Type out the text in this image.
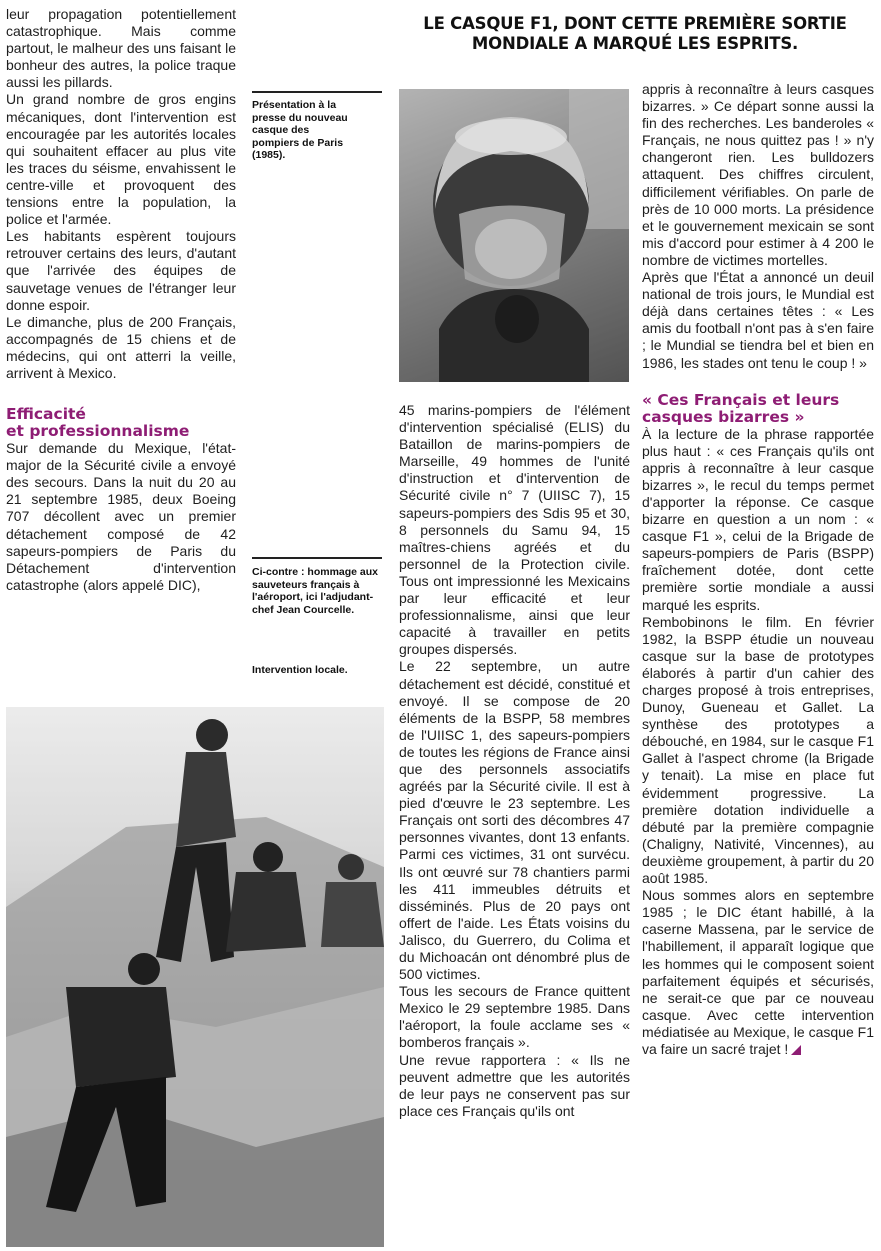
leur propagation potentiellement catastrophique. Mais comme partout, le malheur des uns faisant le bonheur des autres, la police traque aussi les pillards.

Un grand nombre de gros engins mécaniques, dont l'intervention est encouragée par les autorités locales qui souhaitent effacer au plus vite les traces du séisme, envahissent le centre-ville et provoquent des tensions entre la population, la police et l'armée.

Les habitants espèrent toujours retrouver certains des leurs, d'autant que l'arrivée des équipes de sauvetage venues de l'étranger leur donne espoir.

Le dimanche, plus de 200 Français, accompagnés de 15 chiens et de médecins, qui ont atterri la veille, arrivent à Mexico.

Efficacité
et professionnalisme

Sur demande du Mexique, l'état-major de la Sécurité civile a envoyé des secours. Dans la nuit du 20 au 21 septembre 1985, deux Boeing 707 décollent avec un premier détachement composé de 42 sapeurs-pompiers de Paris du Détachement d'intervention catastrophe (alors appelé DIC),

Présentation à la presse du nouveau casque des pompiers de Paris (1985).
Ci-contre : hommage aux sauveteurs français à l'aéroport, ici l'adjudant-chef Jean Courcelle.
Intervention locale.
LE CASQUE F1, DONT CETTE PREMIÈRE SORTIE MONDIALE A MARQUÉ LES ESPRITS.

45 marins-pompiers de l'élément d'intervention spécialisé (ELIS) du Bataillon de marins-pompiers de Marseille, 49 hommes de l'unité d'instruction et d'intervention de Sécurité civile n° 7 (UIISC 7), 15 sapeurs-pompiers des Sdis 95 et 30, 8 personnels du Samu 94, 15 maîtres-chiens agréés et du personnel de la Protection civile. Tous ont impressionné les Mexicains par leur efficacité et leur professionnalisme, ainsi que leur capacité à travailler en petits groupes dispersés.

Le 22 septembre, un autre détachement est décidé, constitué et envoyé. Il se compose de 20 éléments de la BSPP, 58 membres de l'UIISC 1, des sapeurs-pompiers de toutes les régions de France ainsi que des personnels associatifs agréés par la Sécurité civile. Il est à pied d'œuvre le 23 septembre. Les Français ont sorti des décombres 47 personnes vivantes, dont 13 enfants. Parmi ces victimes, 31 ont survécu. Ils ont œuvré sur 78 chantiers parmi les 411 immeubles détruits et disséminés. Plus de 20 pays ont offert de l'aide. Les États voisins du Jalisco, du Guerrero, du Colima et du Michoacán ont dénombré plus de 500 victimes.

Tous les secours de France quittent Mexico le 29 septembre 1985. Dans l'aéroport, la foule acclame ses « bomberos français ».

Une revue rapportera : « Ils ne peuvent admettre que les autorités de leur pays ne conservent pas sur place ces Français qu'ils ont

appris à reconnaître à leurs casques bizarres. » Ce départ sonne aussi la fin des recherches. Les banderoles « Français, ne nous quittez pas ! » n'y changeront rien. Les bulldozers attaquent. Des chiffres circulent, difficilement vérifiables. On parle de près de 10 000 morts. La présidence et le gouvernement mexicain se sont mis d'accord pour estimer à 4 200 le nombre de victimes mortelles.

Après que l'État a annoncé un deuil national de trois jours, le Mundial est déjà dans certaines têtes : « Les amis du football n'ont pas à s'en faire ; le Mundial se tiendra bel et bien en 1986, les stades ont tenu le coup ! »

« Ces Français et leurs
casques bizarres »

À la lecture de la phrase rapportée plus haut : « ces Français qu'ils ont appris à reconnaître à leur casque bizarres », le recul du temps permet d'apporter la réponse. Ce casque bizarre en question a un nom : « casque F1 », celui de la Brigade de sapeurs-pompiers de Paris (BSPP) fraîchement dotée, dont cette première sortie mondiale a aussi marqué les esprits.

Rembobinons le film. En février 1982, la BSPP étudie un nouveau casque sur la base de prototypes élaborés à partir d'un cahier des charges proposé à trois entreprises, Dunoy, Gueneau et Gallet. La synthèse des prototypes a débouché, en 1984, sur le casque F1 Gallet à l'aspect chrome (la Brigade y tenait). La mise en place fut évidemment progressive. La première dotation individuelle a débuté par la première compagnie (Chaligny, Nativité, Vincennes), au deuxième groupement, à partir du 20 août 1985.

Nous sommes alors en septembre 1985 ; le DIC étant habillé, à la caserne Massena, par le service de l'habillement, il apparaît logique que les hommes qui le composent soient parfaitement équipés et sécurisés, ne serait-ce que par ce nouveau casque. Avec cette intervention médiatisée au Mexique, le casque F1 va faire un sacré trajet !
